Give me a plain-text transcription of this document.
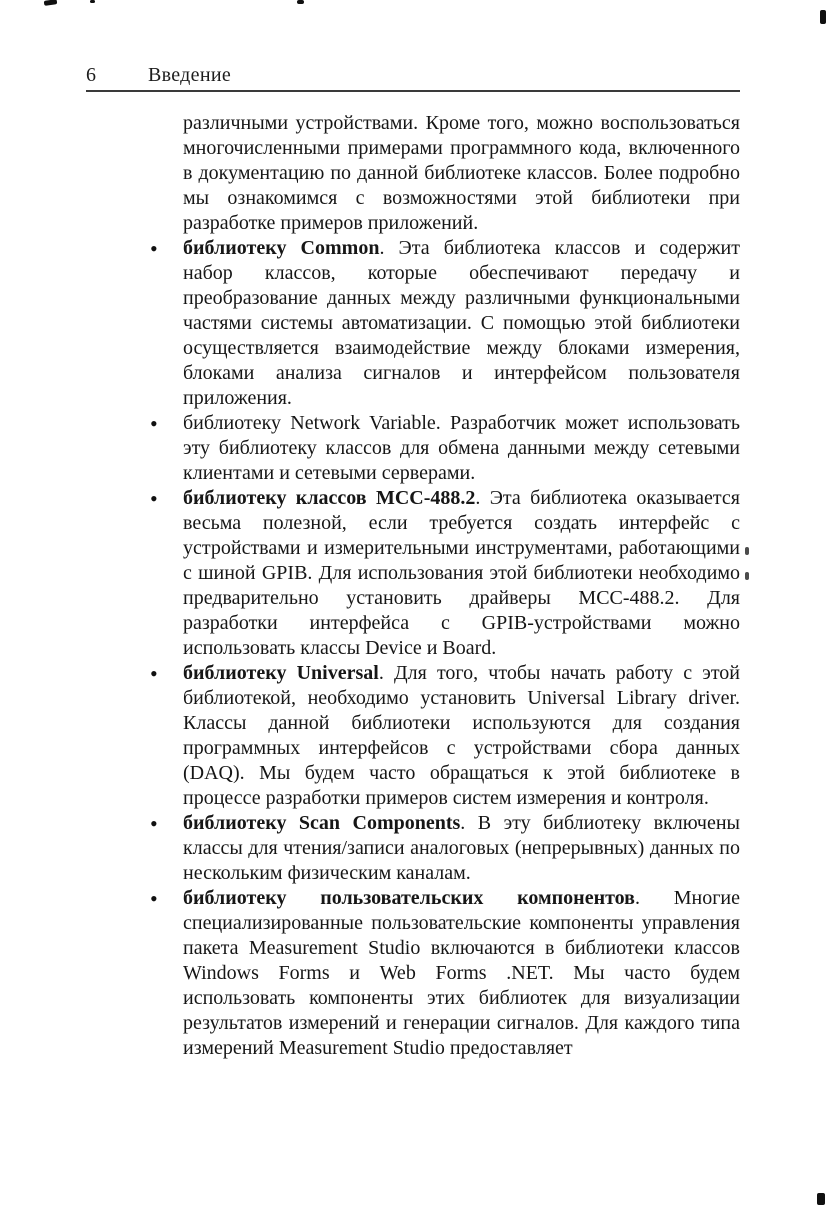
6	Введение

различными устройствами. Кроме того, можно воспользоваться многочисленными примерами программного кода, включенного в документацию по данной библиотеке классов. Более подробно мы ознакомимся с возможностями этой библиотеки при разработке примеров приложений.

• библиотеку Common. Эта библиотека классов и содержит набор классов, которые обеспечивают передачу и преобразование данных между различными функциональными частями системы автоматизации. С помощью этой библиотеки осуществляется взаимодействие между блоками измерения, блоками анализа сигналов и интерфейсом пользователя приложения.
• библиотеку Network Variable. Разработчик может использовать эту библиотеку классов для обмена данными между сетевыми клиентами и сетевыми серверами.
• библиотеку классов MCC-488.2. Эта библиотека оказывается весьма полезной, если требуется создать интерфейс с устройствами и измерительными инструментами, работающими с шиной GPIB. Для использования этой библиотеки необходимо предварительно установить драйверы MCC-488.2. Для разработки интерфейса с GPIB-устройствами можно использовать классы Device и Board.
• библиотеку Universal. Для того, чтобы начать работу с этой библиотекой, необходимо установить Universal Library driver. Классы данной библиотеки используются для создания программных интерфейсов с устройствами сбора данных (DAQ). Мы будем часто обращаться к этой библиотеке в процессе разработки примеров систем измерения и контроля.
• библиотеку Scan Components. В эту библиотеку включены классы для чтения/записи аналоговых (непрерывных) данных по нескольким физическим каналам.
• библиотеку пользовательских компонентов. Многие специализированные пользовательские компоненты управления пакета Measurement Studio включаются в библиотеки классов Windows Forms и Web Forms .NET. Мы часто будем использовать компоненты этих библиотек для визуализации результатов измерений и генерации сигналов. Для каждого типа измерений Measurement Studio предоставляет
